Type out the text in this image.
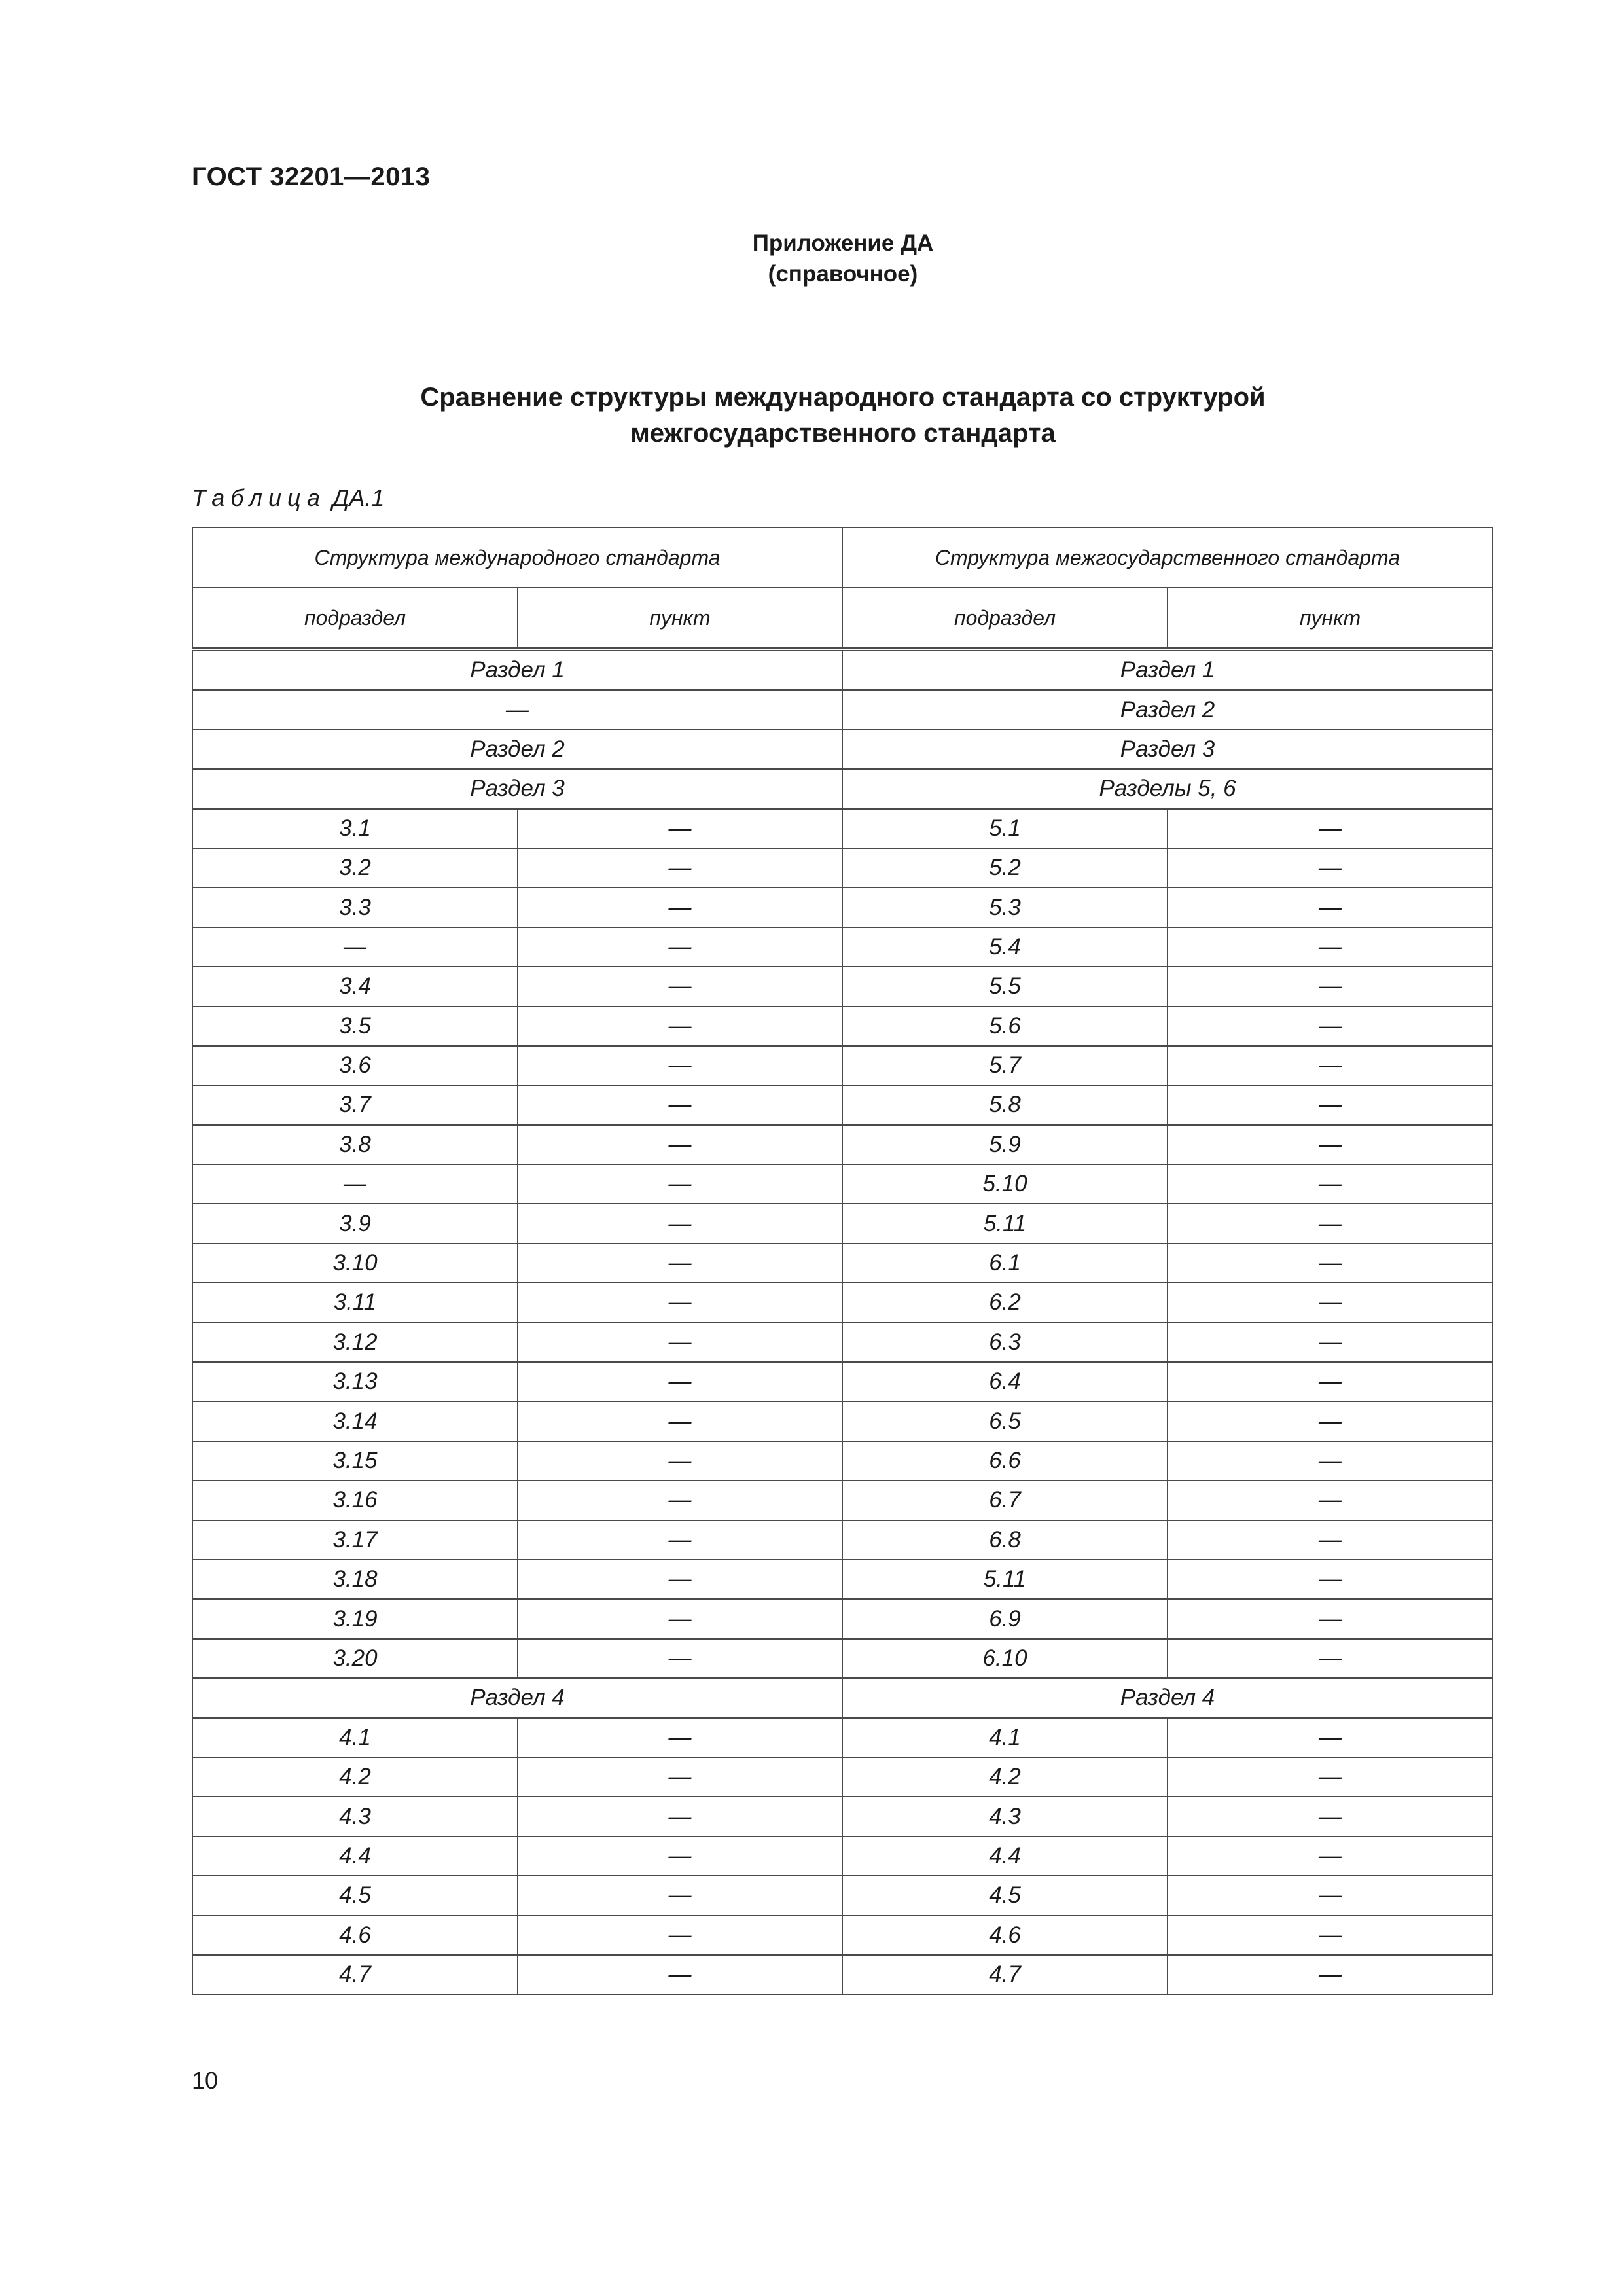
ГОСТ 32201—2013
Приложение ДА
(справочное)
Сравнение структуры международного стандарта со структурой
межгосударственного стандарта
Таблица ДА.1
Структура международного стандарта		Структура межгосударственного стандарта	
подраздел	пункт	подраздел	пункт
Раздел 1		Раздел 1	
—		Раздел 2	
Раздел 2		Раздел 3	
Раздел 3		Разделы 5, 6	
3.1	—	5.1	—
3.2	—	5.2	—
3.3	—	5.3	—
—	—	5.4	—
3.4	—	5.5	—
3.5	—	5.6	—
3.6	—	5.7	—
3.7	—	5.8	—
3.8	—	5.9	—
—	—	5.10	—
3.9	—	5.11	—
3.10	—	6.1	—
3.11	—	6.2	—
3.12	—	6.3	—
3.13	—	6.4	—
3.14	—	6.5	—
3.15	—	6.6	—
3.16	—	6.7	—
3.17	—	6.8	—
3.18	—	5.11	—
3.19	—	6.9	—
3.20	—	6.10	—
Раздел 4		Раздел 4	
4.1	—	4.1	—
4.2	—	4.2	—
4.3	—	4.3	—
4.4	—	4.4	—
4.5	—	4.5	—
4.6	—	4.6	—
4.7	—	4.7	—
10
